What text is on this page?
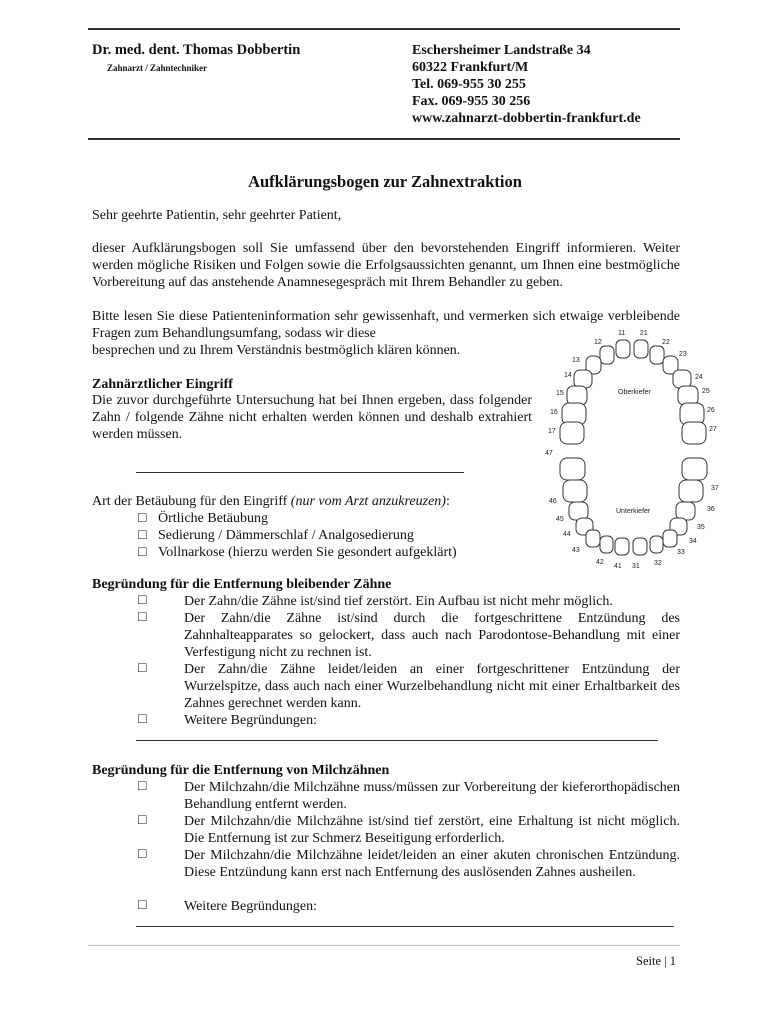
Dr. med. dent. Thomas Dobbertin
Zahnarzt / Zahntechniker
Eschersheimer Landstraße 34
60322 Frankfurt/M
Tel. 069-955 30 255
Fax. 069-955 30 256
www.zahnarzt-dobbertin-frankfurt.de
Aufklärungsbogen zur Zahnextraktion
Sehr geehrte Patientin, sehr geehrter Patient,
dieser Aufklärungsbogen soll Sie umfassend über den bevorstehenden Eingriff informieren. Weiter werden mögliche Risiken und Folgen sowie die Erfolgsaussichten genannt, um Ihnen eine bestmögliche Vorbereitung auf das anstehende Anamnesegespräch mit Ihrem Behandler zu geben.
Bitte lesen Sie diese Patienteninformation sehr gewissenhaft, und vermerken sich etwaige verbleibende Fragen zum Behandlungsumfang, sodass wir diese
besprechen und zu Ihrem Verständnis bestmöglich klären können.
Zahnärztlicher Eingriff
Die zuvor durchgeführte Untersuchung hat bei Ihnen ergeben, dass folgender Zahn / folgende Zähne nicht erhalten werden können und deshalb extrahiert werden müssen.
Art der Betäubung für den Eingriff (nur vom Arzt anzukreuzen):
□ Örtliche Betäubung
□ Sedierung / Dämmerschlaf / Analgosedierung
□ Vollnarkose (hierzu werden Sie gesondert aufgeklärt)
Begründung für die Entfernung bleibender Zähne
□	Der Zahn/die Zähne ist/sind tief zerstört. Ein Aufbau ist nicht mehr möglich.
□	Der Zahn/die Zähne ist/sind durch die fortgeschrittene Entzündung des Zahnhalteapparates so gelockert, dass auch nach Parodontose-Behandlung mit einer Verfestigung nicht zu rechnen ist.
□	Der Zahn/die Zähne leidet/leiden an einer fortgeschrittener Entzündung der Wurzelspitze, dass auch nach einer Wurzelbehandlung nicht mit einer Erhaltbarkeit des Zahnes gerechnet werden kann.
□	Weitere Begründungen:
Begründung für die Entfernung von Milchzähnen
□	Der Milchzahn/die Milchzähne muss/müssen zur Vorbereitung der kieferorthopädischen Behandlung entfernt werden.
□	Der Milchzahn/die Milchzähne ist/sind tief zerstört, eine Erhaltung ist nicht möglich. Die Entfernung ist zur Schmerz Beseitigung erforderlich.
□	Der Milchzahn/die Milchzähne leidet/leiden an einer akuten chronischen Entzündung. Diese Entzündung kann erst nach Entfernung des auslösenden Zahnes ausheilen.
□	Weitere Begründungen:
11 21
12	22
13
23
14	24
15	25
16	26
17	27
47
37
46
36
45
35
44
34
43	33
42
41 31 32
Oberkiefer
Unterkiefer
Seite | 1
